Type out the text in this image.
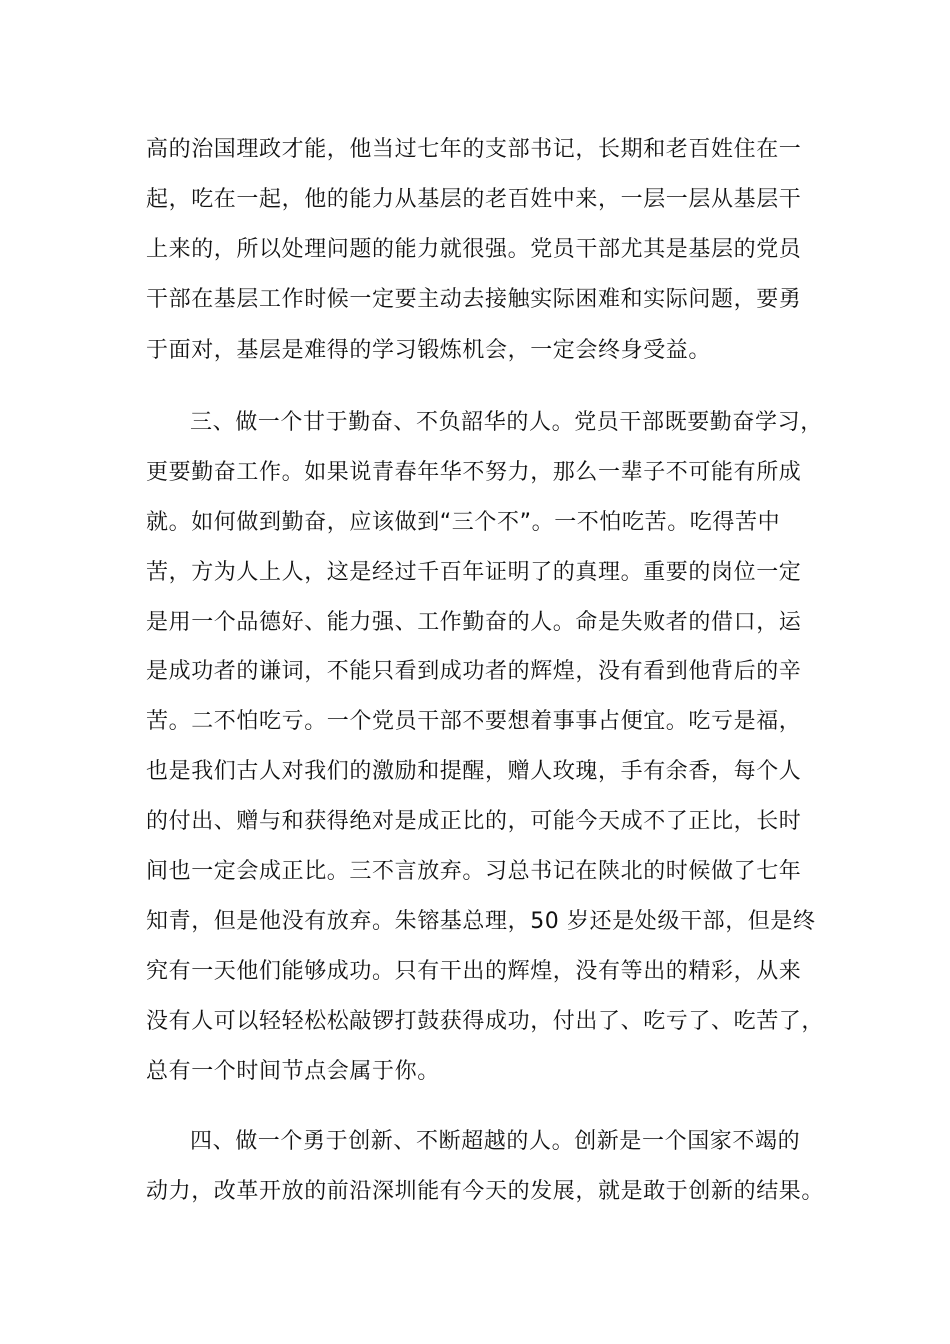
高的治国理政才能，他当过七年的支部书记，长期和老百姓住在一
起，吃在一起，他的能力从基层的老百姓中来，一层一层从基层干
上来的，所以处理问题的能力就很强。党员干部尤其是基层的党员
干部在基层工作时候一定要主动去接触实际困难和实际问题，要勇
于面对，基层是难得的学习锻炼机会，一定会终身受益。
三、做一个甘于勤奋、不负韶华的人。党员干部既要勤奋学习，
更要勤奋工作。如果说青春年华不努力，那么一辈子不可能有所成
就。如何做到勤奋，应该做到“三个不”。一不怕吃苦。吃得苦中
苦，方为人上人，这是经过千百年证明了的真理。重要的岗位一定
是用一个品德好、能力强、工作勤奋的人。命是失败者的借口，运
是成功者的谦词，不能只看到成功者的辉煌，没有看到他背后的辛
苦。二不怕吃亏。一个党员干部不要想着事事占便宜。吃亏是福，
也是我们古人对我们的激励和提醒，赠人玫瑰，手有余香，每个人
的付出、赠与和获得绝对是成正比的，可能今天成不了正比，长时
间也一定会成正比。三不言放弃。习总书记在陕北的时候做了七年
知青，但是他没有放弃。朱镕基总理，50 岁还是处级干部，但是终
究有一天他们能够成功。只有干出的辉煌，没有等出的精彩，从来
没有人可以轻轻松松敲锣打鼓获得成功，付出了、吃亏了、吃苦了，
总有一个时间节点会属于你。
四、做一个勇于创新、不断超越的人。创新是一个国家不竭的
动力，改革开放的前沿深圳能有今天的发展，就是敢于创新的结果。
